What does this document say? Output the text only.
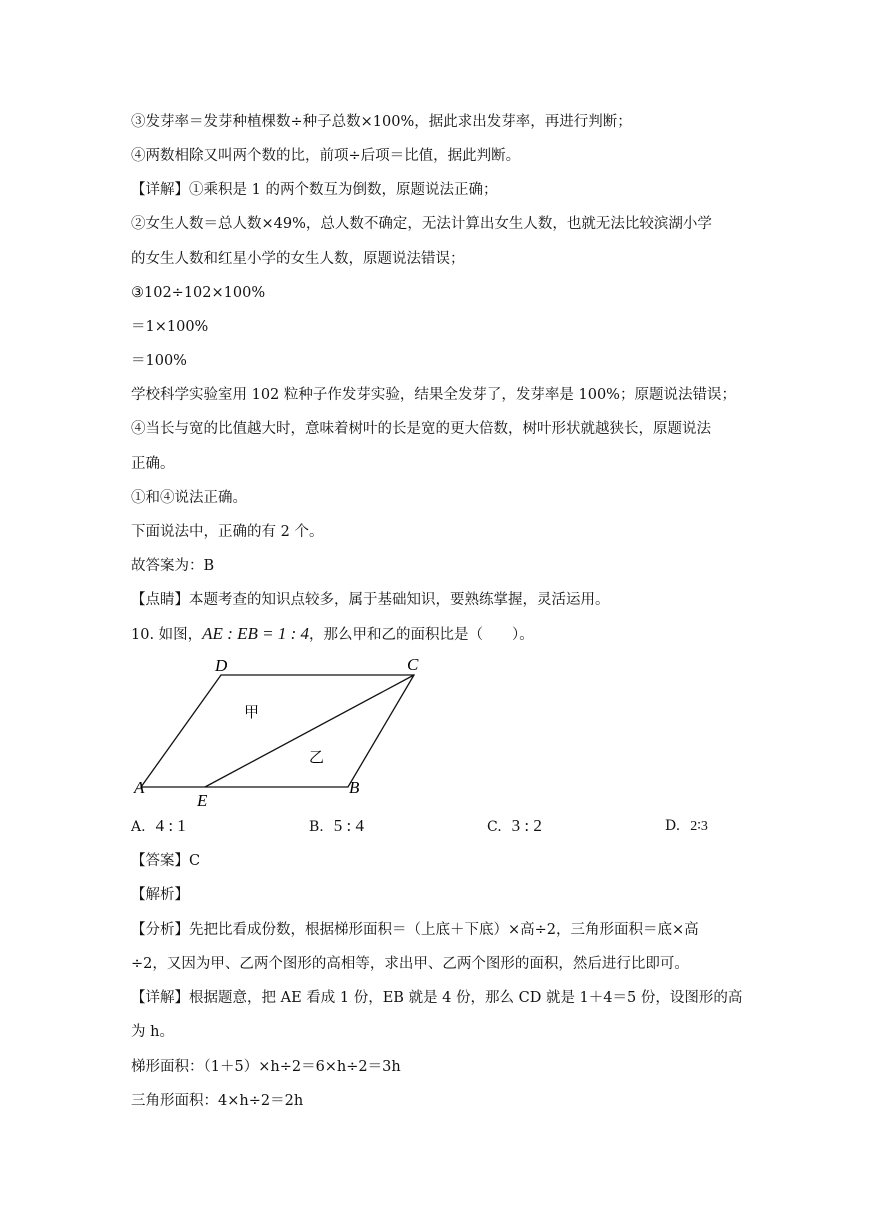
③发芽率＝发芽种植棵数÷种子总数×100%，据此求出发芽率，再进行判断；
④两数相除又叫两个数的比，前项÷后项＝比值，据此判断。
【详解】①乘积是 1 的两个数互为倒数，原题说法正确；
②女生人数＝总人数×49%，总人数不确定，无法计算出女生人数，也就无法比较滨湖小学
的女生人数和红星小学的女生人数，原题说法错误；
③102÷102×100%
＝1×100%
＝100%
学校科学实验室用 102 粒种子作发芽实验，结果全发芽了，发芽率是 100%；原题说法错误；
④当长与宽的比值越大时，意味着树叶的长是宽的更大倍数，树叶形状就越狭长，原题说法
正确。
①和④说法正确。
下面说法中，正确的有 2 个。
故答案为：B
【点睛】本题考查的知识点较多，属于基础知识，要熟练掌握，灵活运用。
10. 如图，AE : EB = 1 : 4，那么甲和乙的面积比是（　　）。
D	C
A	B
E
甲
乙
A. 4 : 1	B. 5 : 4	C. 3 : 2	D. 2∶3
【答案】C
【解析】
【分析】先把比看成份数，根据梯形面积＝（上底＋下底）×高÷2，三角形面积＝底×高
÷2，又因为甲、乙两个图形的高相等，求出甲、乙两个图形的面积，然后进行比即可。
【详解】根据题意，把 AE 看成 1 份，EB 就是 4 份，那么 CD 就是 1＋4＝5 份，设图形的高
为 h。
梯形面积：（1＋5）×h÷2＝6×h÷2＝3h
三角形面积：4×h÷2＝2h
